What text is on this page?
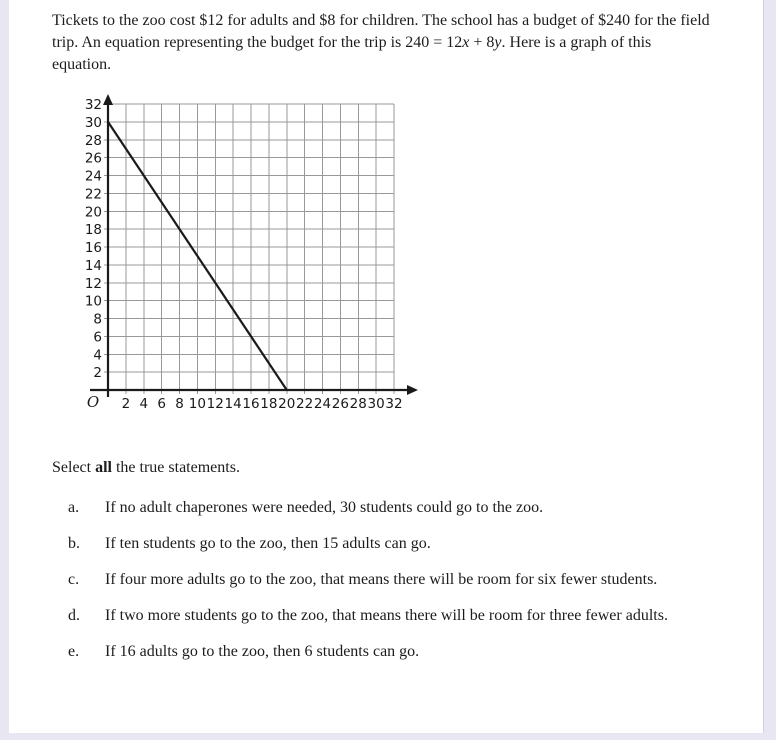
Tickets to the zoo cost $12 for adults and $8 for children. The school has a budget of $240 for the field trip. An equation representing the budget for the trip is 240 = 12x + 8y. Here is a graph of this equation.

2
4
6
8
10
12
14
16
18
20
22
24
26
28
30
32
2 4 6 8 10 12 14 16 18 20 22 24 26 28 30 32
O
Select all the true statements.
a.	If no adult chaperones were needed, 30 students could go to the zoo.
b.	If ten students go to the zoo, then 15 adults can go.
c.	If four more adults go to the zoo, that means there will be room for six fewer students.
d.	If two more students go to the zoo, that means there will be room for three fewer adults.
e.	If 16 adults go to the zoo, then 6 students can go.
